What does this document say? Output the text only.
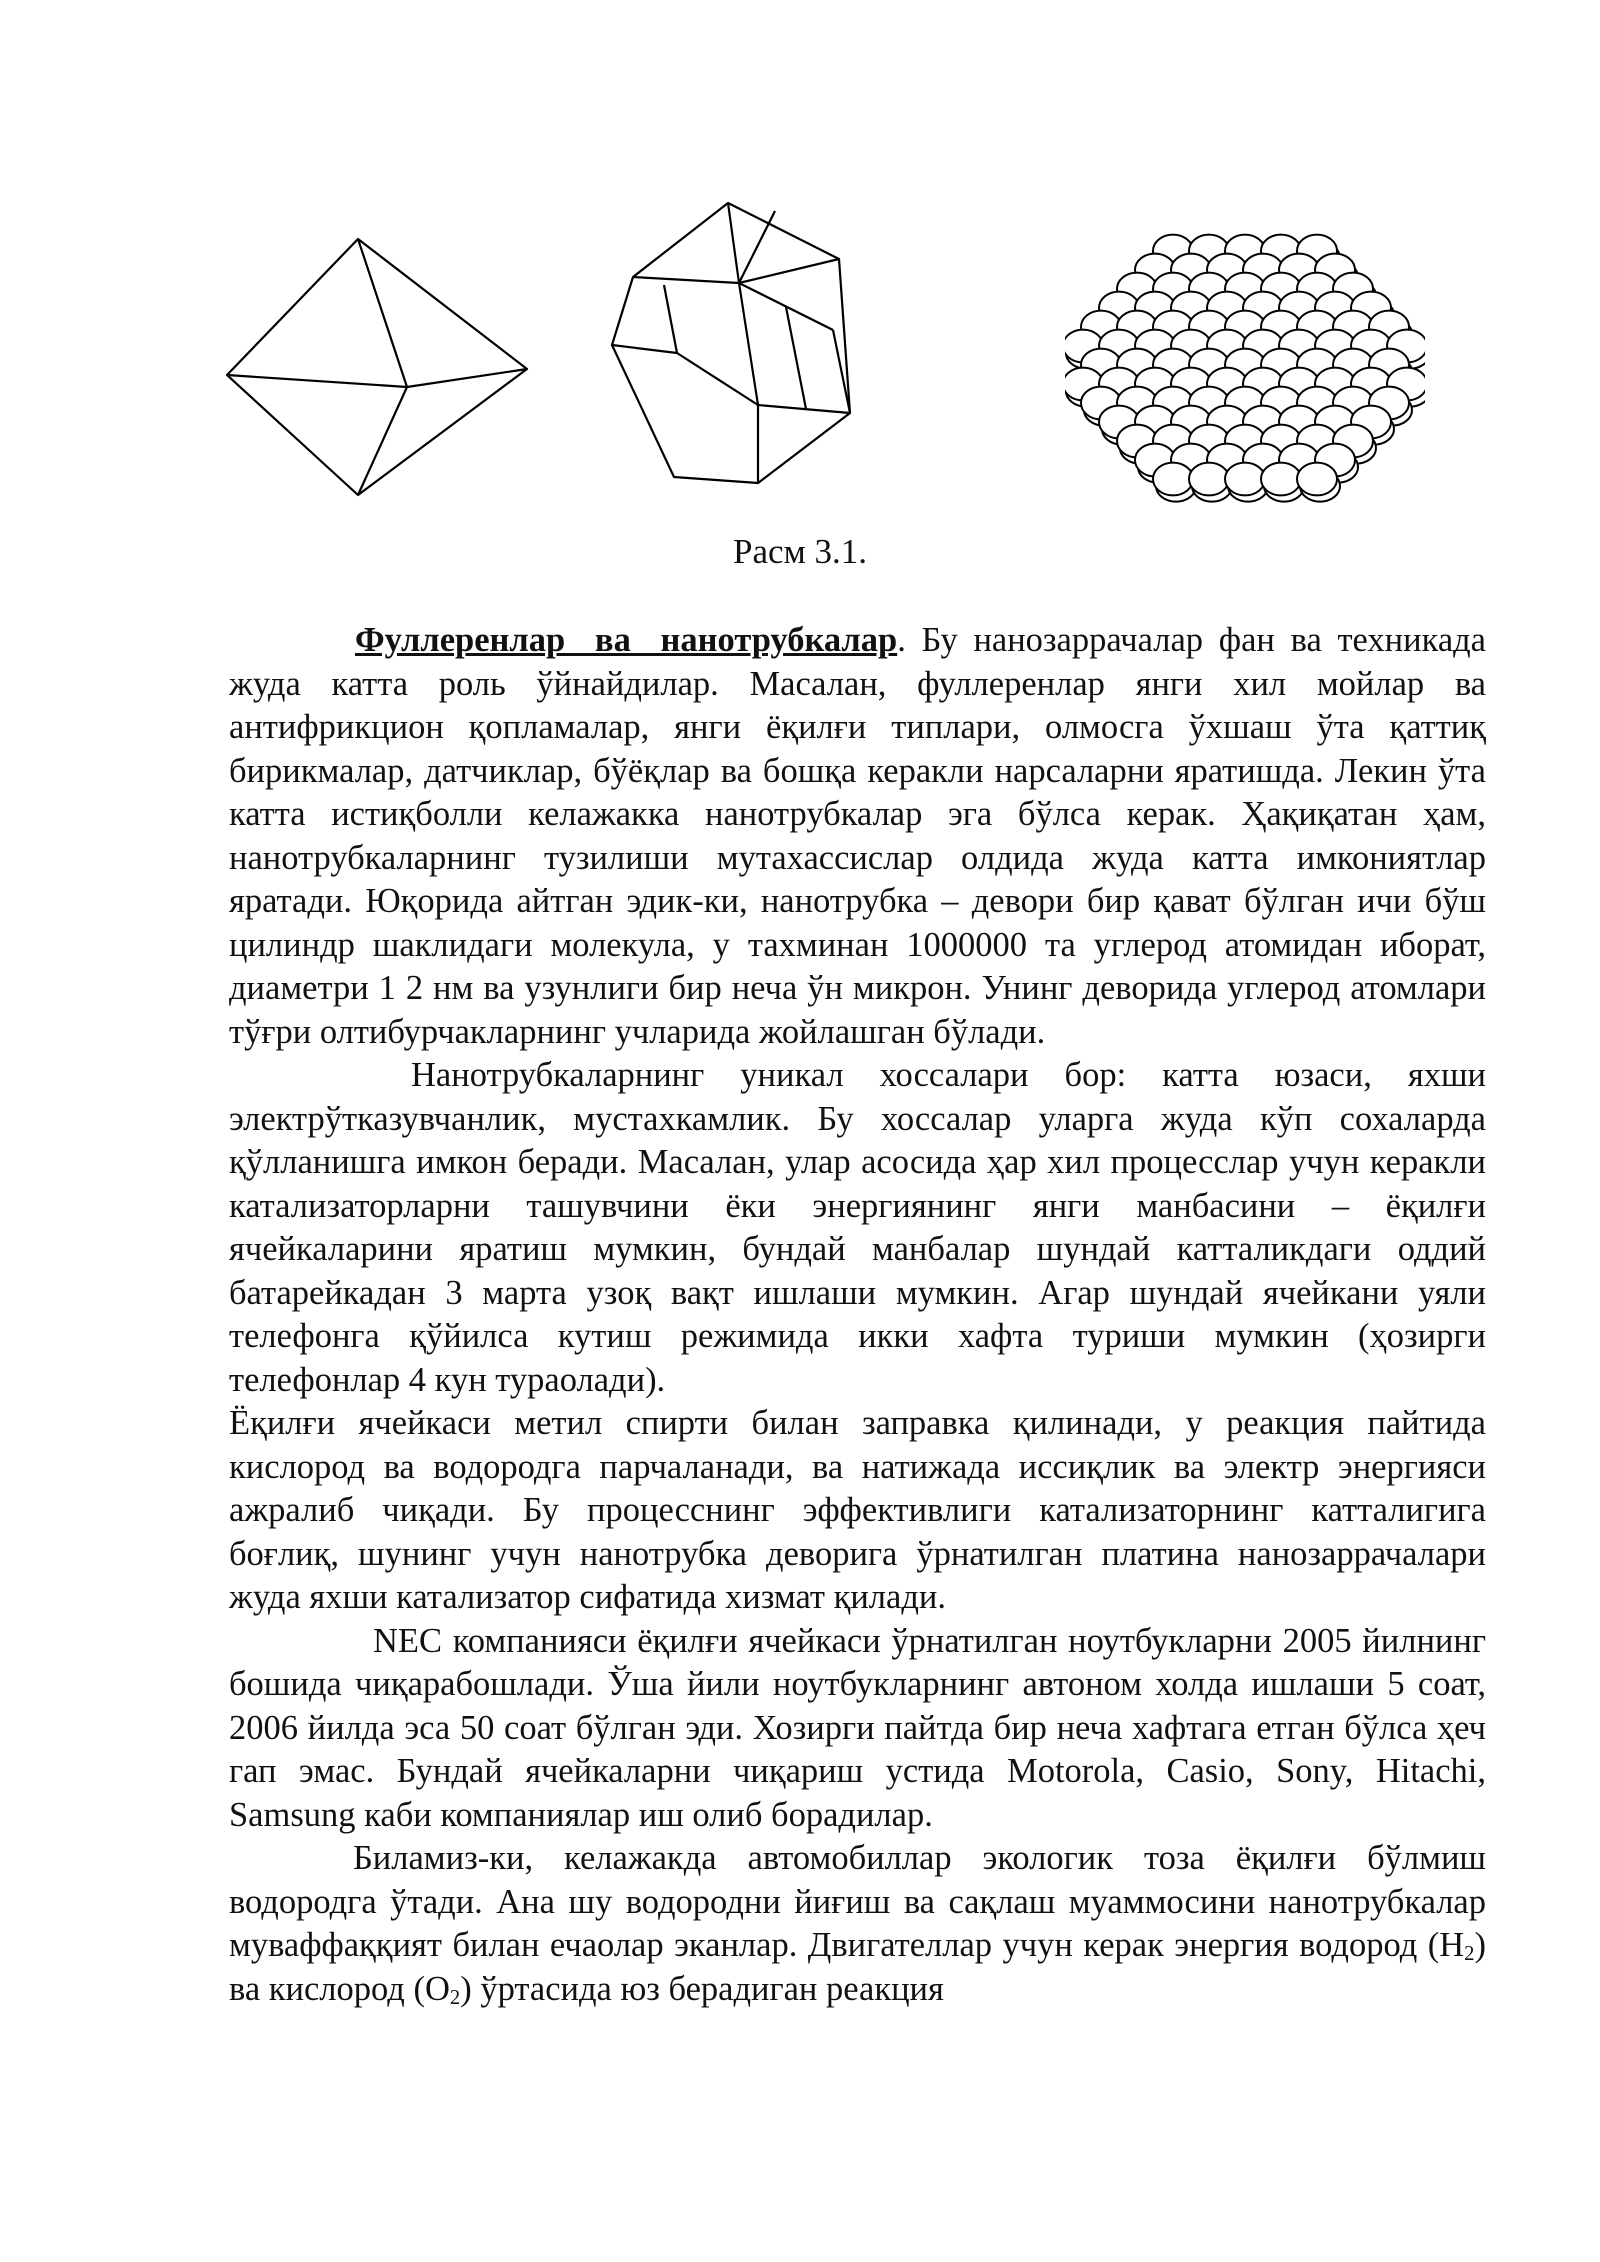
Расм 3.1.

Фуллеренлар ва нанотрубкалар. Бу нанозаррачалар фан ва техникада жуда катта роль ўйнайдилар. Масалан, фуллеренлар янги хил мойлар ва антифрикцион қопламалар, янги ёқилғи типлари, олмосга ўхшаш ўта қаттиқ бирикмалар, датчиклар, бўёқлар ва бошқа керакли нарсаларни яратишда. Лекин ўта катта истиқболли келажакка нанотрубкалар эга бўлса керак. Ҳақиқатан ҳам, нанотрубкаларнинг тузилиши мутахассислар олдида жуда катта имкониятлар яратади. Юқорида айтган эдик-ки, нанотрубка – девори бир қават бўлган ичи бўш цилиндр шаклидаги молекула, у тахминан 1000000 та углерод атомидан иборат, диаметри 1 2 нм ва узунлиги бир неча ўн микрон. Унинг деворида углерод атомлари тўғри олтибурчакларнинг учларида жойлашган бўлади.

Нанотрубкаларнинг уникал хоссалари бор: катта юзаси, яхши электрўтказувчанлик, мустахкамлик. Бу хоссалар уларга жуда кўп сохаларда қўлланишга имкон беради. Масалан, улар асосида ҳар хил процесслар учун керакли катализаторларни ташувчини ёки энергиянинг янги манбасини – ёқилғи ячейкаларини яратиш мумкин, бундай манбалар шундай катталикдаги оддий батарейкадан 3 марта узоқ вақт ишлаши мумкин. Агар шундай ячейкани уяли телефонга қўйилса кутиш режимида икки хафта туриши мумкин (ҳозирги телефонлар 4 кун тураолади).

Ёқилғи ячейкаси метил спирти билан заправка қилинади, у реакция пайтида кислород ва водородга парчаланади, ва натижада иссиқлик ва электр энергияси ажралиб чиқади. Бу процесснинг эффективлиги катализаторнинг катталигига боғлиқ, шунинг учун нанотрубка деворига ўрнатилган платина нанозаррачалари жуда яхши катализатор сифатида хизмат қилади.

NEC компанияси ёқилғи ячейкаси ўрнатилган ноутбукларни 2005 йилнинг бошида чиқарабошлади. Ўша йили ноутбукларнинг автоном холда ишлаши 5 соат, 2006 йилда эса 50 соат бўлган эди. Хозирги пайтда бир неча хафтага етган бўлса ҳеч гап эмас. Бундай ячейкаларни чиқариш устида Motorola, Casio, Sony, Hitachi, Samsung каби компаниялар иш олиб борадилар.

Биламиз-ки, келажакда автомобиллар экологик тоза ёқилғи бўлмиш водородга ўтади. Ана шу водородни йиғиш ва сақлаш муаммосини нанотрубкалар муваффаққият билан ечаолар эканлар. Двигателлар учун керак энергия водород $(H_2)$ ва кислород $(O_2)$ ўртасида юз берадиган реакция
